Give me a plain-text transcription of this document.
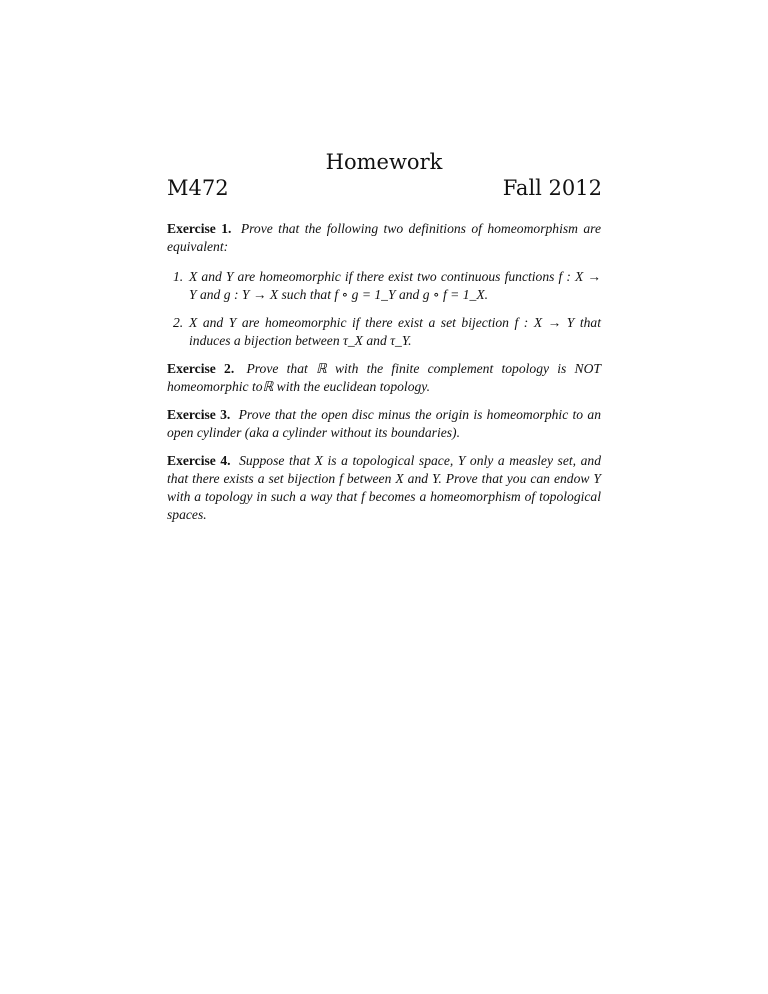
Homework
M472	Fall 2012
Exercise 1. Prove that the following two definitions of homeomorphism are equivalent:
1. X and Y are homeomorphic if there exist two continuous functions f : X → Y and g : Y → X such that f ∘ g = 1_Y and g ∘ f = 1_X.
2. X and Y are homeomorphic if there exist a set bijection f : X → Y that induces a bijection between τ_X and τ_Y.
Exercise 2. Prove that ℝ with the finite complement topology is NOT homeomorphic toℝ with the euclidean topology.
Exercise 3. Prove that the open disc minus the origin is homeomorphic to an open cylinder (aka a cylinder without its boundaries).
Exercise 4. Suppose that X is a topological space, Y only a measley set, and that there exists a set bijection f between X and Y. Prove that you can endow Y with a topology in such a way that f becomes a homeomorphism of topological spaces.
